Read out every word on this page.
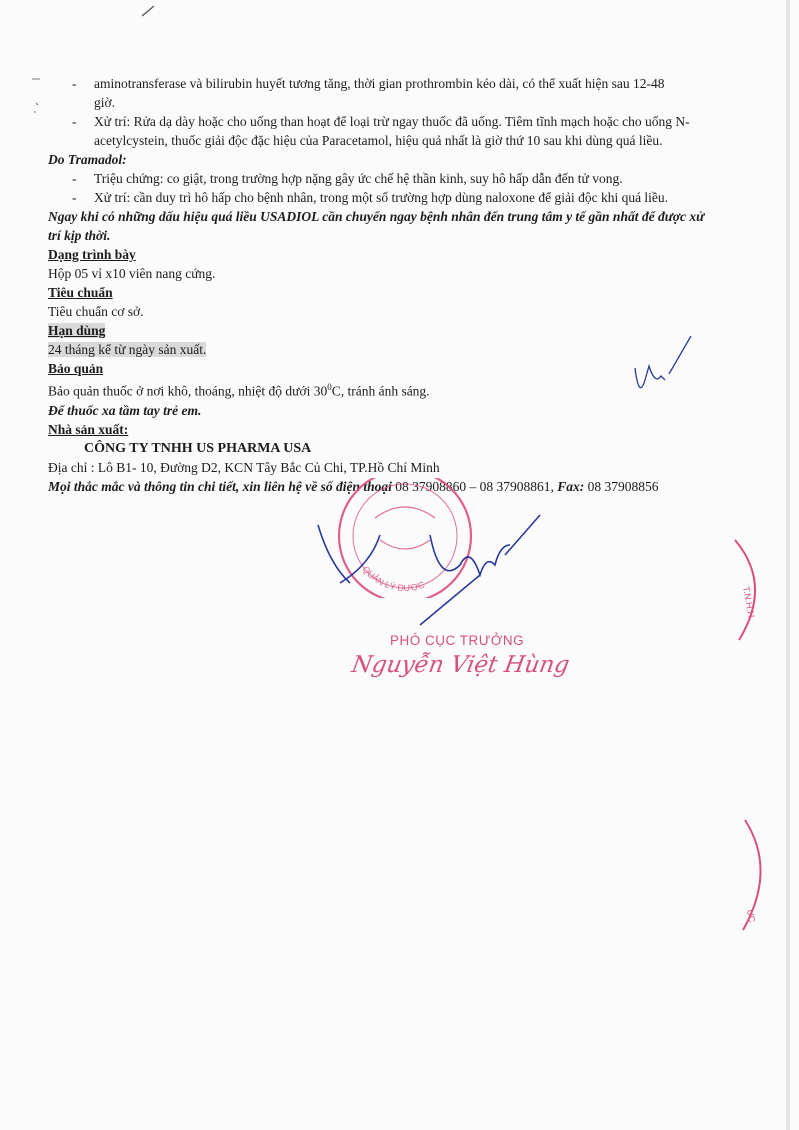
- aminotransferase và bilirubin huyết tương tăng, thời gian prothrombin kéo dài, có thể xuất hiện sau 12-48
giờ.
- Xử trí: Rửa dạ dày hoặc cho uống than hoạt để loại trừ ngay thuốc đã uống. Tiêm tĩnh mạch hoặc cho uống N-acetylcystein, thuốc giải độc đặc hiệu của Paracetamol, hiệu quả nhất là giờ thứ 10 sau khi dùng quá liều.
Do Tramadol:
- Triệu chứng: co giật, trong trường hợp nặng gây ức chế hệ thần kinh, suy hô hấp dẫn đến tử vong.
- Xử trí: cần duy trì hô hấp cho bệnh nhân, trong một số trường hợp dùng naloxone để giải độc khi quá liều.
Ngay khi có những dấu hiệu quá liều USADIOL cần chuyển ngay bệnh nhân đến trung tâm y tế gần nhất để được xử trí kịp thời.
Dạng trình bày
Hộp 05 vỉ x10 viên nang cứng.
Tiêu chuẩn
Tiêu chuẩn cơ sở.
Hạn dùng
24 tháng kể từ ngày sản xuất.
Bảo quản
Bảo quản thuốc ở nơi khô, thoáng, nhiệt độ dưới $30^0C$, tránh ánh sáng.
Để thuốc xa tầm tay trẻ em.
Nhà sản xuất:
CÔNG TY TNHH US PHARMA USA
Địa chỉ : Lô B1- 10, Đường D2, KCN Tây Bắc Củ Chi, TP.Hồ Chí Minh
Mọi thắc mắc và thông tin chi tiết, xin liên hệ về số điện thoại 08 37908860 – 08 37908861, Fax: 08 37908856
QUẢN LÝ DƯỢC
PHÓ CỤC TRƯỞNG
Nguyễn Việt Hùng
T.N.H.H
UC
